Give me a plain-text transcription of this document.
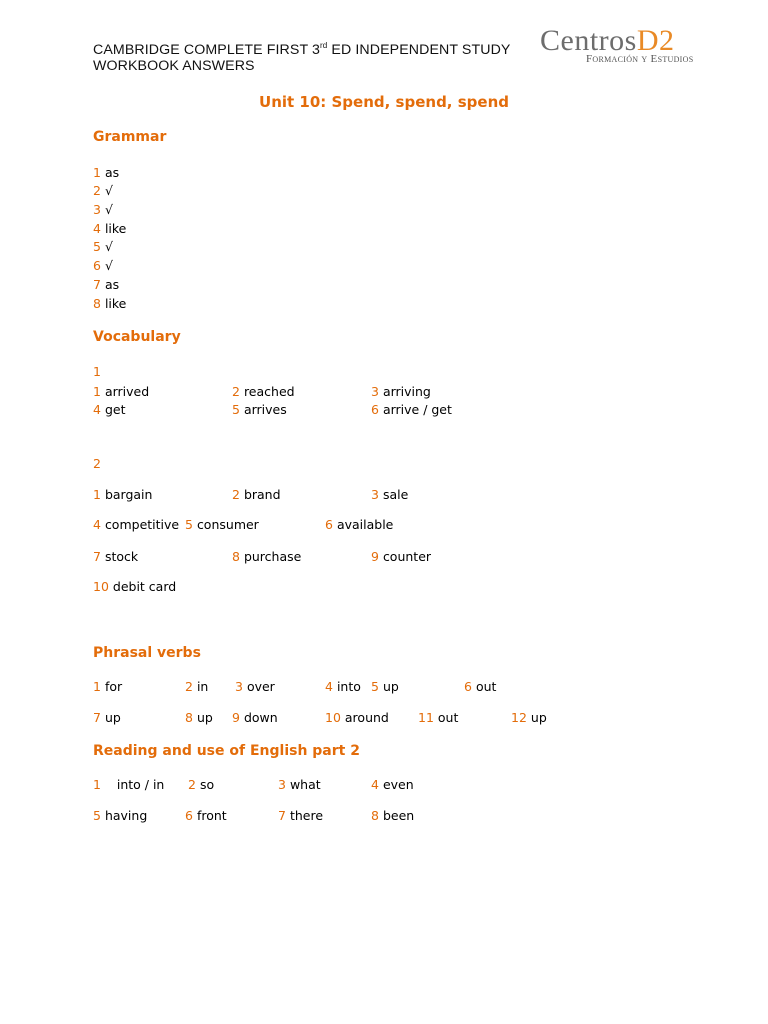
CAMBRIDGE COMPLETE FIRST 3rd ED INDEPENDENT STUDY
WORKBOOK ANSWERS
CentrosD2
Formación y Estudios
Unit 10: Spend, spend, spend
Grammar
1 as
2 √
3 √
4 like
5 √
6 √
7 as
8 like
Vocabulary
1
1 arrived	2 reached	3 arriving
4 get	5 arrives	6 arrive / get
2
1 bargain	2 brand	3 sale
4 competitive 5 consumer	6 available
7 stock	8 purchase	9 counter
10 debit card
Phrasal verbs
1 for	2 in 3 over	4 into 5 up	6 out
7 up	8 up 9 down	10 around 11 out	12 up
Reading and use of English part 2
1 into / in 2 so	3 what	4 even
5 having	6 front	7 there	8 been
